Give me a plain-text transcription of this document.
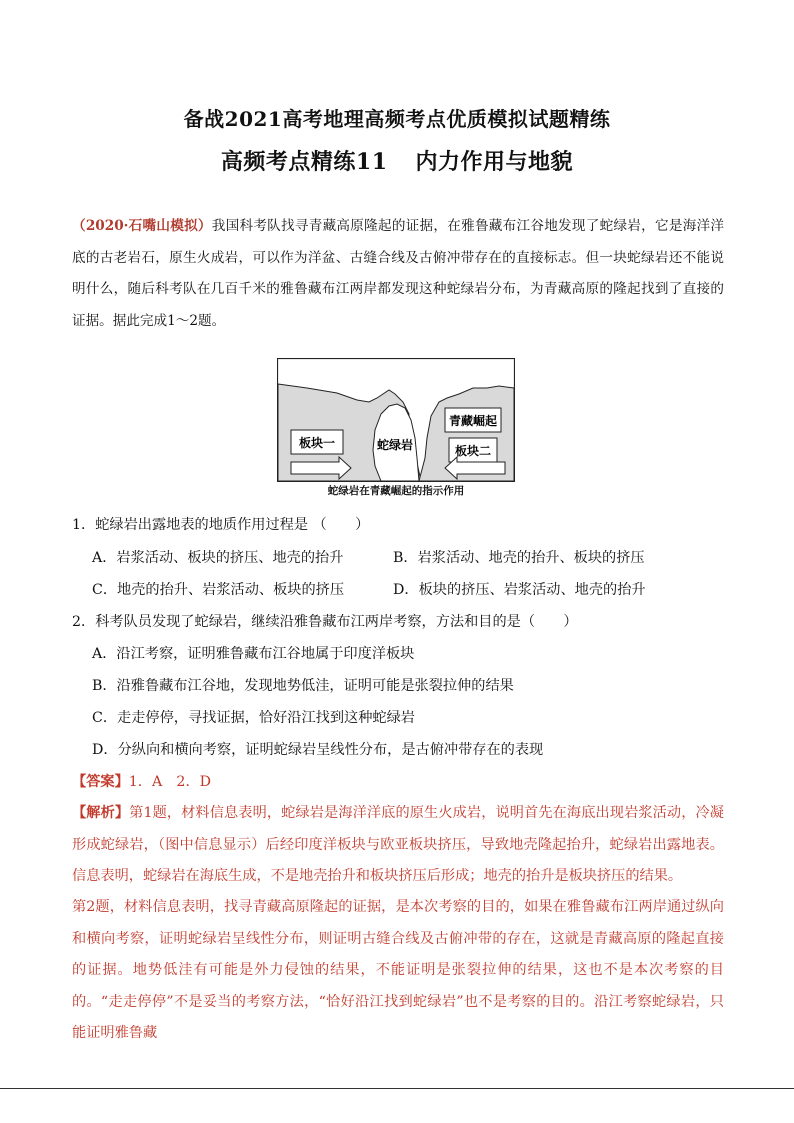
备战2021高考地理高频考点优质模拟试题精练
高频考点精练11 内力作用与地貌
（2020·石嘴山模拟）我国科考队找寻青藏高原隆起的证据，在雅鲁藏布江谷地发现了蛇绿岩，它是海洋洋底的古老岩石，原生火成岩，可以作为洋盆、古缝合线及古俯冲带存在的直接标志。但一块蛇绿岩还不能说明什么，随后科考队在几百千米的雅鲁藏布江两岸都发现这种蛇绿岩分布，为青藏高原的隆起找到了直接的证据。据此完成1～2题。
板块一	蛇绿岩
青藏崛起
板块二
蛇绿岩在青藏崛起的指示作用
1．蛇绿岩出露地表的地质作用过程是 （　　）
A．岩浆活动、板块的挤压、地壳的抬升	B．岩浆活动、地壳的抬升、板块的挤压
C．地壳的抬升、岩浆活动、板块的挤压	D．板块的挤压、岩浆活动、地壳的抬升
2．科考队员发现了蛇绿岩，继续沿雅鲁藏布江两岸考察，方法和目的是（　　）
A．沿江考察，证明雅鲁藏布江谷地属于印度洋板块
B．沿雅鲁藏布江谷地，发现地势低洼，证明可能是张裂拉伸的结果
C．走走停停，寻找证据，恰好沿江找到这种蛇绿岩
D．分纵向和横向考察，证明蛇绿岩呈线性分布，是古俯冲带存在的表现
【答案】1．A　2．D
【解析】第1题，材料信息表明，蛇绿岩是海洋洋底的原生火成岩，说明首先在海底出现岩浆活动，冷凝形成蛇绿岩，（图中信息显示）后经印度洋板块与欧亚板块挤压，导致地壳隆起抬升，蛇绿岩出露地表。信息表明，蛇绿岩在海底生成，不是地壳抬升和板块挤压后形成；地壳的抬升是板块挤压的结果。
第2题，材料信息表明，找寻青藏高原隆起的证据，是本次考察的目的，如果在雅鲁藏布江两岸通过纵向和横向考察，证明蛇绿岩呈线性分布，则证明古缝合线及古俯冲带的存在，这就是青藏高原的隆起直接的证据。地势低洼有可能是外力侵蚀的结果，不能证明是张裂拉伸的结果，这也不是本次考察的目的。“走走停停”不是妥当的考察方法，“恰好沿江找到蛇绿岩”也不是考察的目的。沿江考察蛇绿岩，只能证明雅鲁藏
